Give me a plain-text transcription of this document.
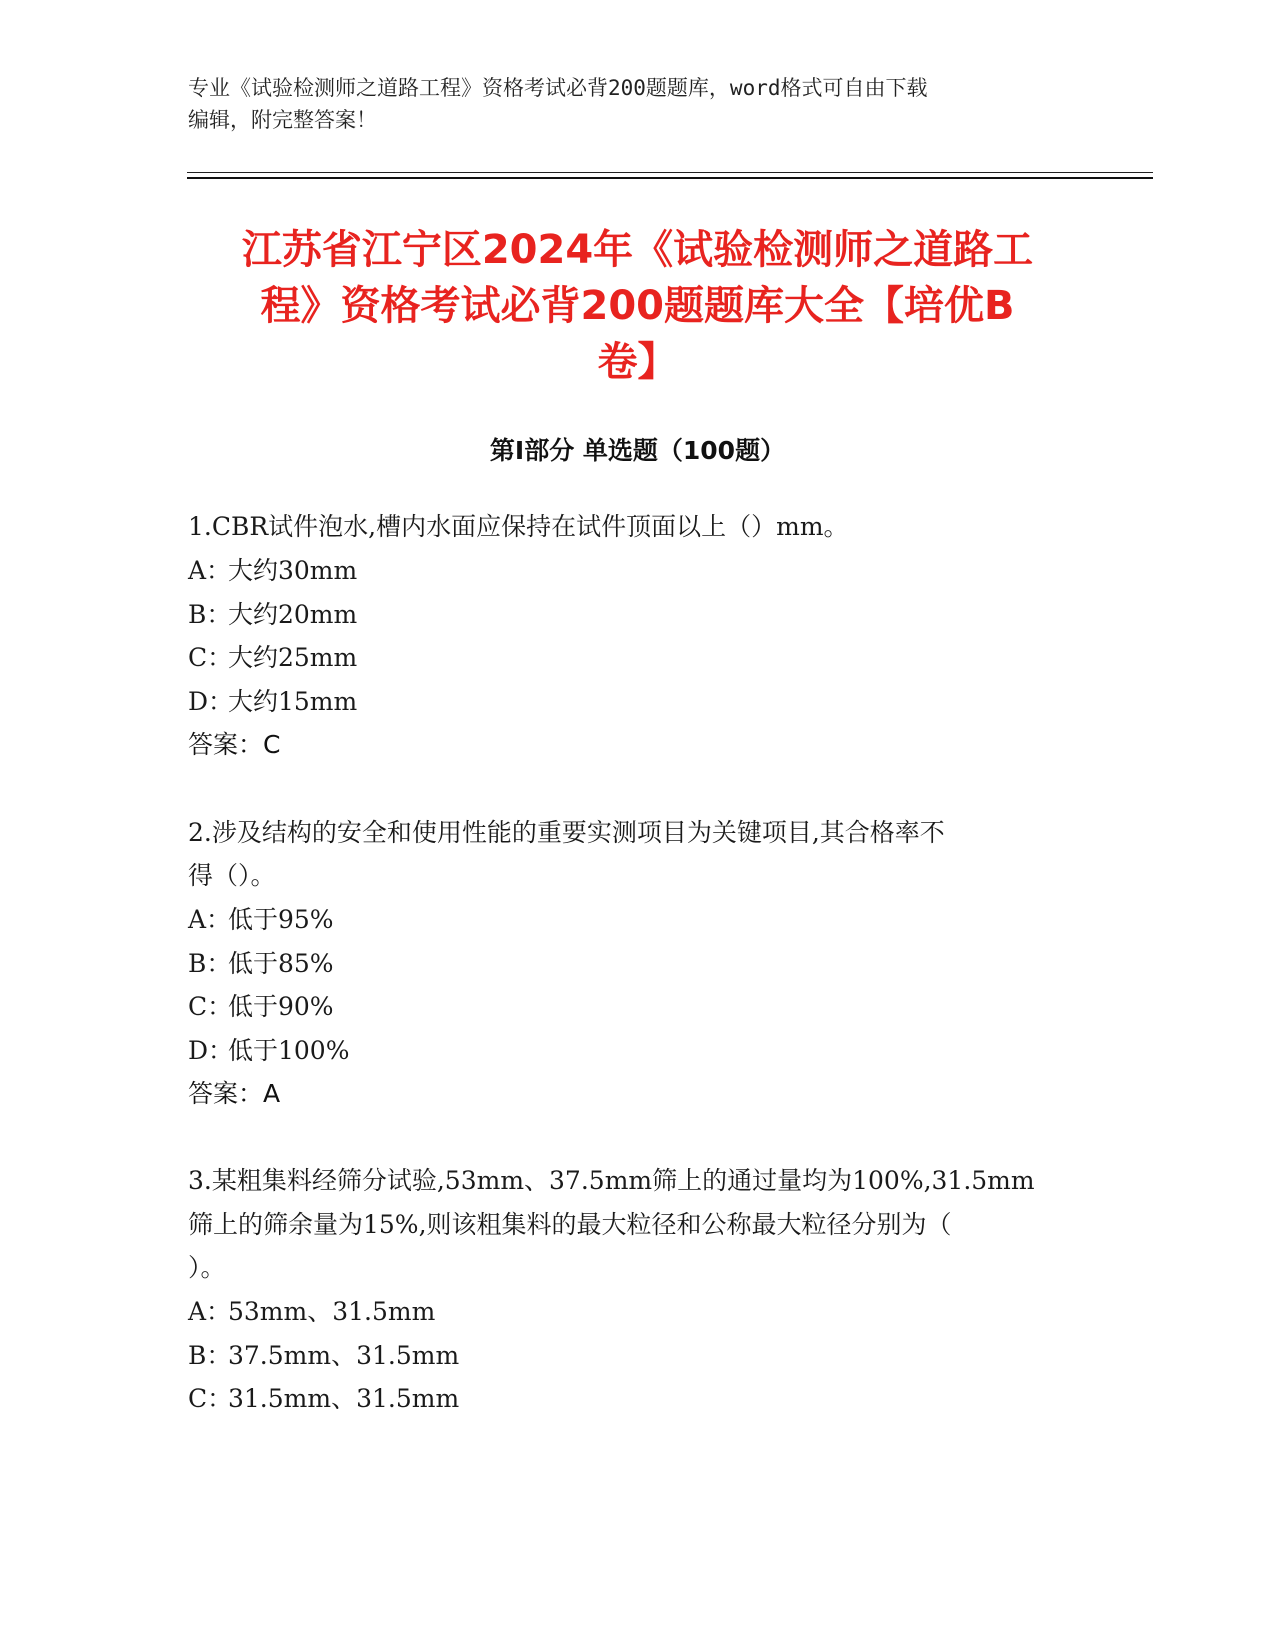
专业《试验检测师之道路工程》资格考试必背200题题库，word格式可自由下载
编辑，附完整答案！
江苏省江宁区2024年《试验检测师之道路工
程》资格考试必背200题题库大全【培优B
卷】
第Ⅰ部分 单选题（100题）
1.CBR试件泡水,槽内水面应保持在试件顶面以上（）mm。
A：大约30mm
B：大约20mm
C：大约25mm
D：大约15mm
答案：C
2.涉及结构的安全和使用性能的重要实测项目为关键项目,其合格率不
得（）。
A：低于95%
B：低于85%
C：低于90%
D：低于100%
答案：A
3.某粗集料经筛分试验,53mm、37.5mm筛上的通过量均为100%,31.5mm
筛上的筛余量为15%,则该粗集料的最大粒径和公称最大粒径分别为（
）。
A：53mm、31.5mm
B：37.5mm、31.5mm
C：31.5mm、31.5mm
